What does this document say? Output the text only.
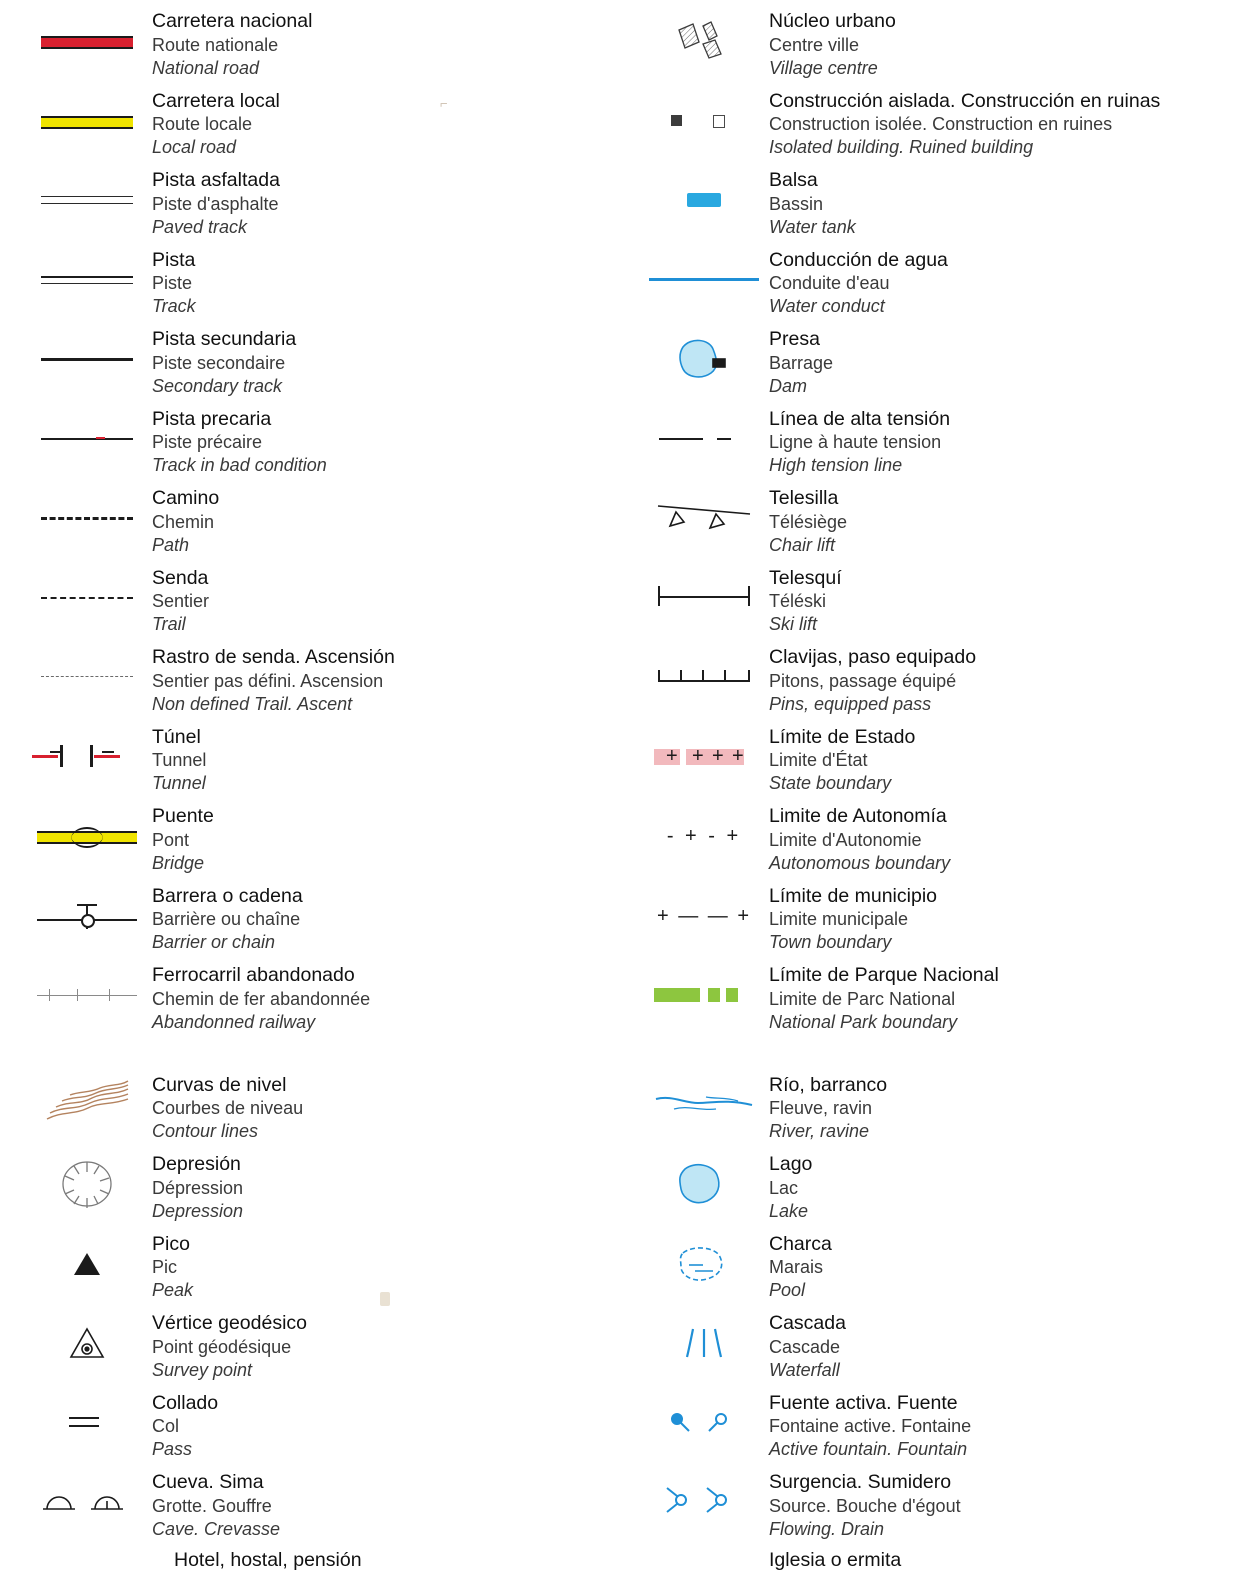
Carretera nacional
Route nationale
National road
Carretera local
Route locale
Local road
Pista asfaltada
Piste d'asphalte
Paved track
Pista
Piste
Track
Pista secundaria
Piste secondaire
Secondary track
Pista precaria
Piste précaire
Track in bad condition
Camino
Chemin
Path
Senda
Sentier
Trail
Rastro de senda. Ascensión
Sentier pas défini. Ascension
Non defined Trail. Ascent
Túnel
Tunnel
Tunnel
Puente
Pont
Bridge
Barrera o cadena
Barrière ou chaîne
Barrier or chain
Ferrocarril abandonado
Chemin de fer abandonnée
Abandonned railway
Curvas de nivel
Courbes de niveau
Contour lines
Depresión
Dépression
Depression
Pico
Pic
Peak
Vértice geodésico
Point géodésique
Survey point
Collado
Col
Pass
Cueva. Sima
Grotte. Gouffre
Cave. Crevasse
Núcleo urbano
Centre ville
Village centre
Construcción aislada. Construcción en ruinas
Construction isolée. Construction en ruines
Isolated building. Ruined building
Balsa
Bassin
Water tank
Conducción de agua
Conduite d'eau
Water conduct
Presa
Barrage
Dam
Línea de alta tensión
Ligne à haute tension
High tension line
Telesilla
Télésiège
Chair lift
Telesquí
Téléski
Ski lift
Clavijas, paso equipado
Pitons, passage équipé
Pins, equipped pass
+ + + +
Límite de Estado
Limite d'État
State boundary
- + - +
Limite de Autonomía
Limite d'Autonomie
Autonomous boundary
+ — — +
Límite de municipio
Limite municipale
Town boundary
Límite de Parque Nacional
Limite de Parc National
National Park boundary
Río, barranco
Fleuve, ravin
River, ravine
Lago
Lac
Lake
Charca
Marais
Pool
Cascada
Cascade
Waterfall
Fuente activa. Fuente
Fontaine active. Fontaine
Active fountain. Fountain
Surgencia. Sumidero
Source. Bouche d'égout
Flowing. Drain
Hotel, hostal, pensión	Iglesia o ermita
⌐
